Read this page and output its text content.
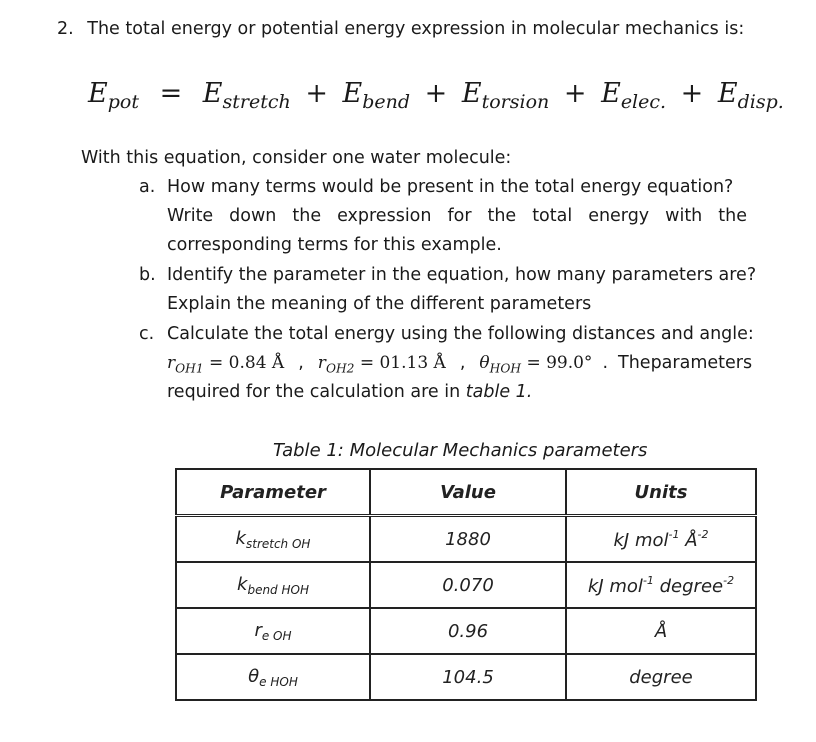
2. The total energy or potential energy expression in molecular mechanics is:
$E_{pot} = E_{stretch} + E_{bend} + E_{torsion} + E_{elec.} + E_{disp.}$
With this equation, consider one water molecule:
a. How many terms would be present in the total energy equation?
Write down the expression for the total energy with the
corresponding terms for this example.
b. Identify the parameter in the equation, how many parameters are?
Explain the meaning of the different parameters
c. Calculate the total energy using the following distances and angle:
$r_{OH1} = 0.84$ Å , $r_{OH2} = 01.13$ Å , $\theta_{HOH} = 99.0^\circ$ . The parameters
required for the calculation are in table 1.
Table 1: Molecular Mechanics parameters
Parameter	Value	Units
$k_{stretch OH}$	1880	kJ mol$^{-1}$ $Å^{-2}$
$k_{bend HOH}$	0.070	kJ mol$^{-1}$ degree$^{-2}$
$r_{e OH}$	0.96	Å
$\theta_{e HOH}$	104.5	degree
